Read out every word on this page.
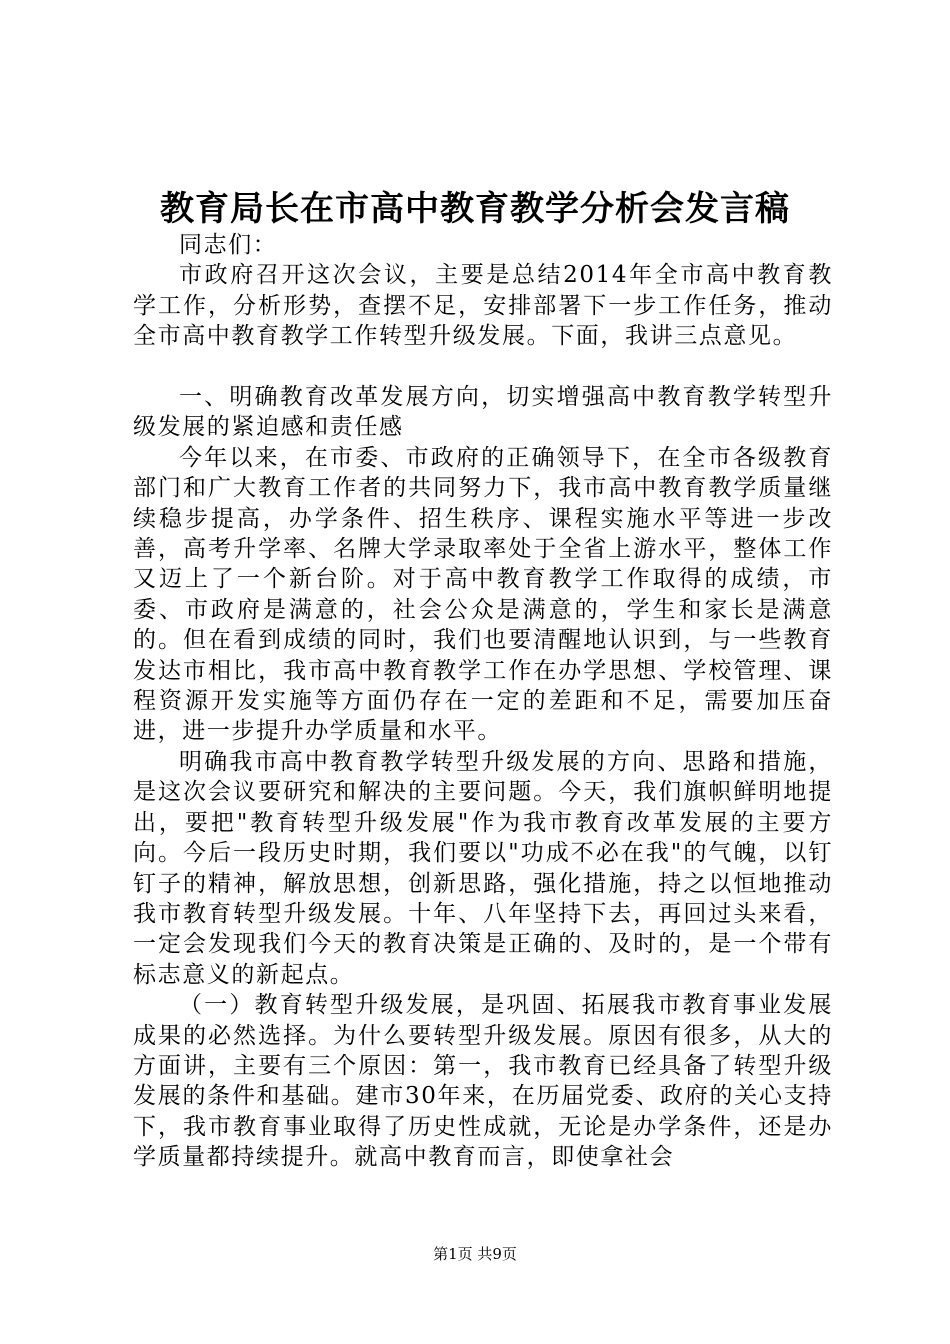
教育局长在市高中教育教学分析会发言稿

同志们：

市政府召开这次会议，主要是总结2014年全市高中教育教学工作，分析形势，查摆不足，安排部署下一步工作任务，推动全市高中教育教学工作转型升级发展。下面，我讲三点意见。

一、明确教育改革发展方向，切实增强高中教育教学转型升级发展的紧迫感和责任感

今年以来，在市委、市政府的正确领导下，在全市各级教育部门和广大教育工作者的共同努力下，我市高中教育教学质量继续稳步提高，办学条件、招生秩序、课程实施水平等进一步改善，高考升学率、名牌大学录取率处于全省上游水平，整体工作又迈上了一个新台阶。对于高中教育教学工作取得的成绩，市委、市政府是满意的，社会公众是满意的，学生和家长是满意的。但在看到成绩的同时，我们也要清醒地认识到，与一些教育发达市相比，我市高中教育教学工作在办学思想、学校管理、课程资源开发实施等方面仍存在一定的差距和不足，需要加压奋进，进一步提升办学质量和水平。

明确我市高中教育教学转型升级发展的方向、思路和措施，是这次会议要研究和解决的主要问题。今天，我们旗帜鲜明地提出，要把"教育转型升级发展"作为我市教育改革发展的主要方向。今后一段历史时期，我们要以"功成不必在我"的气魄，以钉钉子的精神，解放思想，创新思路，强化措施，持之以恒地推动我市教育转型升级发展。十年、八年坚持下去，再回过头来看，一定会发现我们今天的教育决策是正确的、及时的，是一个带有标志意义的新起点。

（一）教育转型升级发展，是巩固、拓展我市教育事业发展成果的必然选择。为什么要转型升级发展。原因有很多，从大的方面讲，主要有三个原因：第一，我市教育已经具备了转型升级发展的条件和基础。建市30年来，在历届党委、政府的关心支持下，我市教育事业取得了历史性成就，无论是办学条件，还是办学质量都持续提升。就高中教育而言，即使拿社会

第1页 共9页
